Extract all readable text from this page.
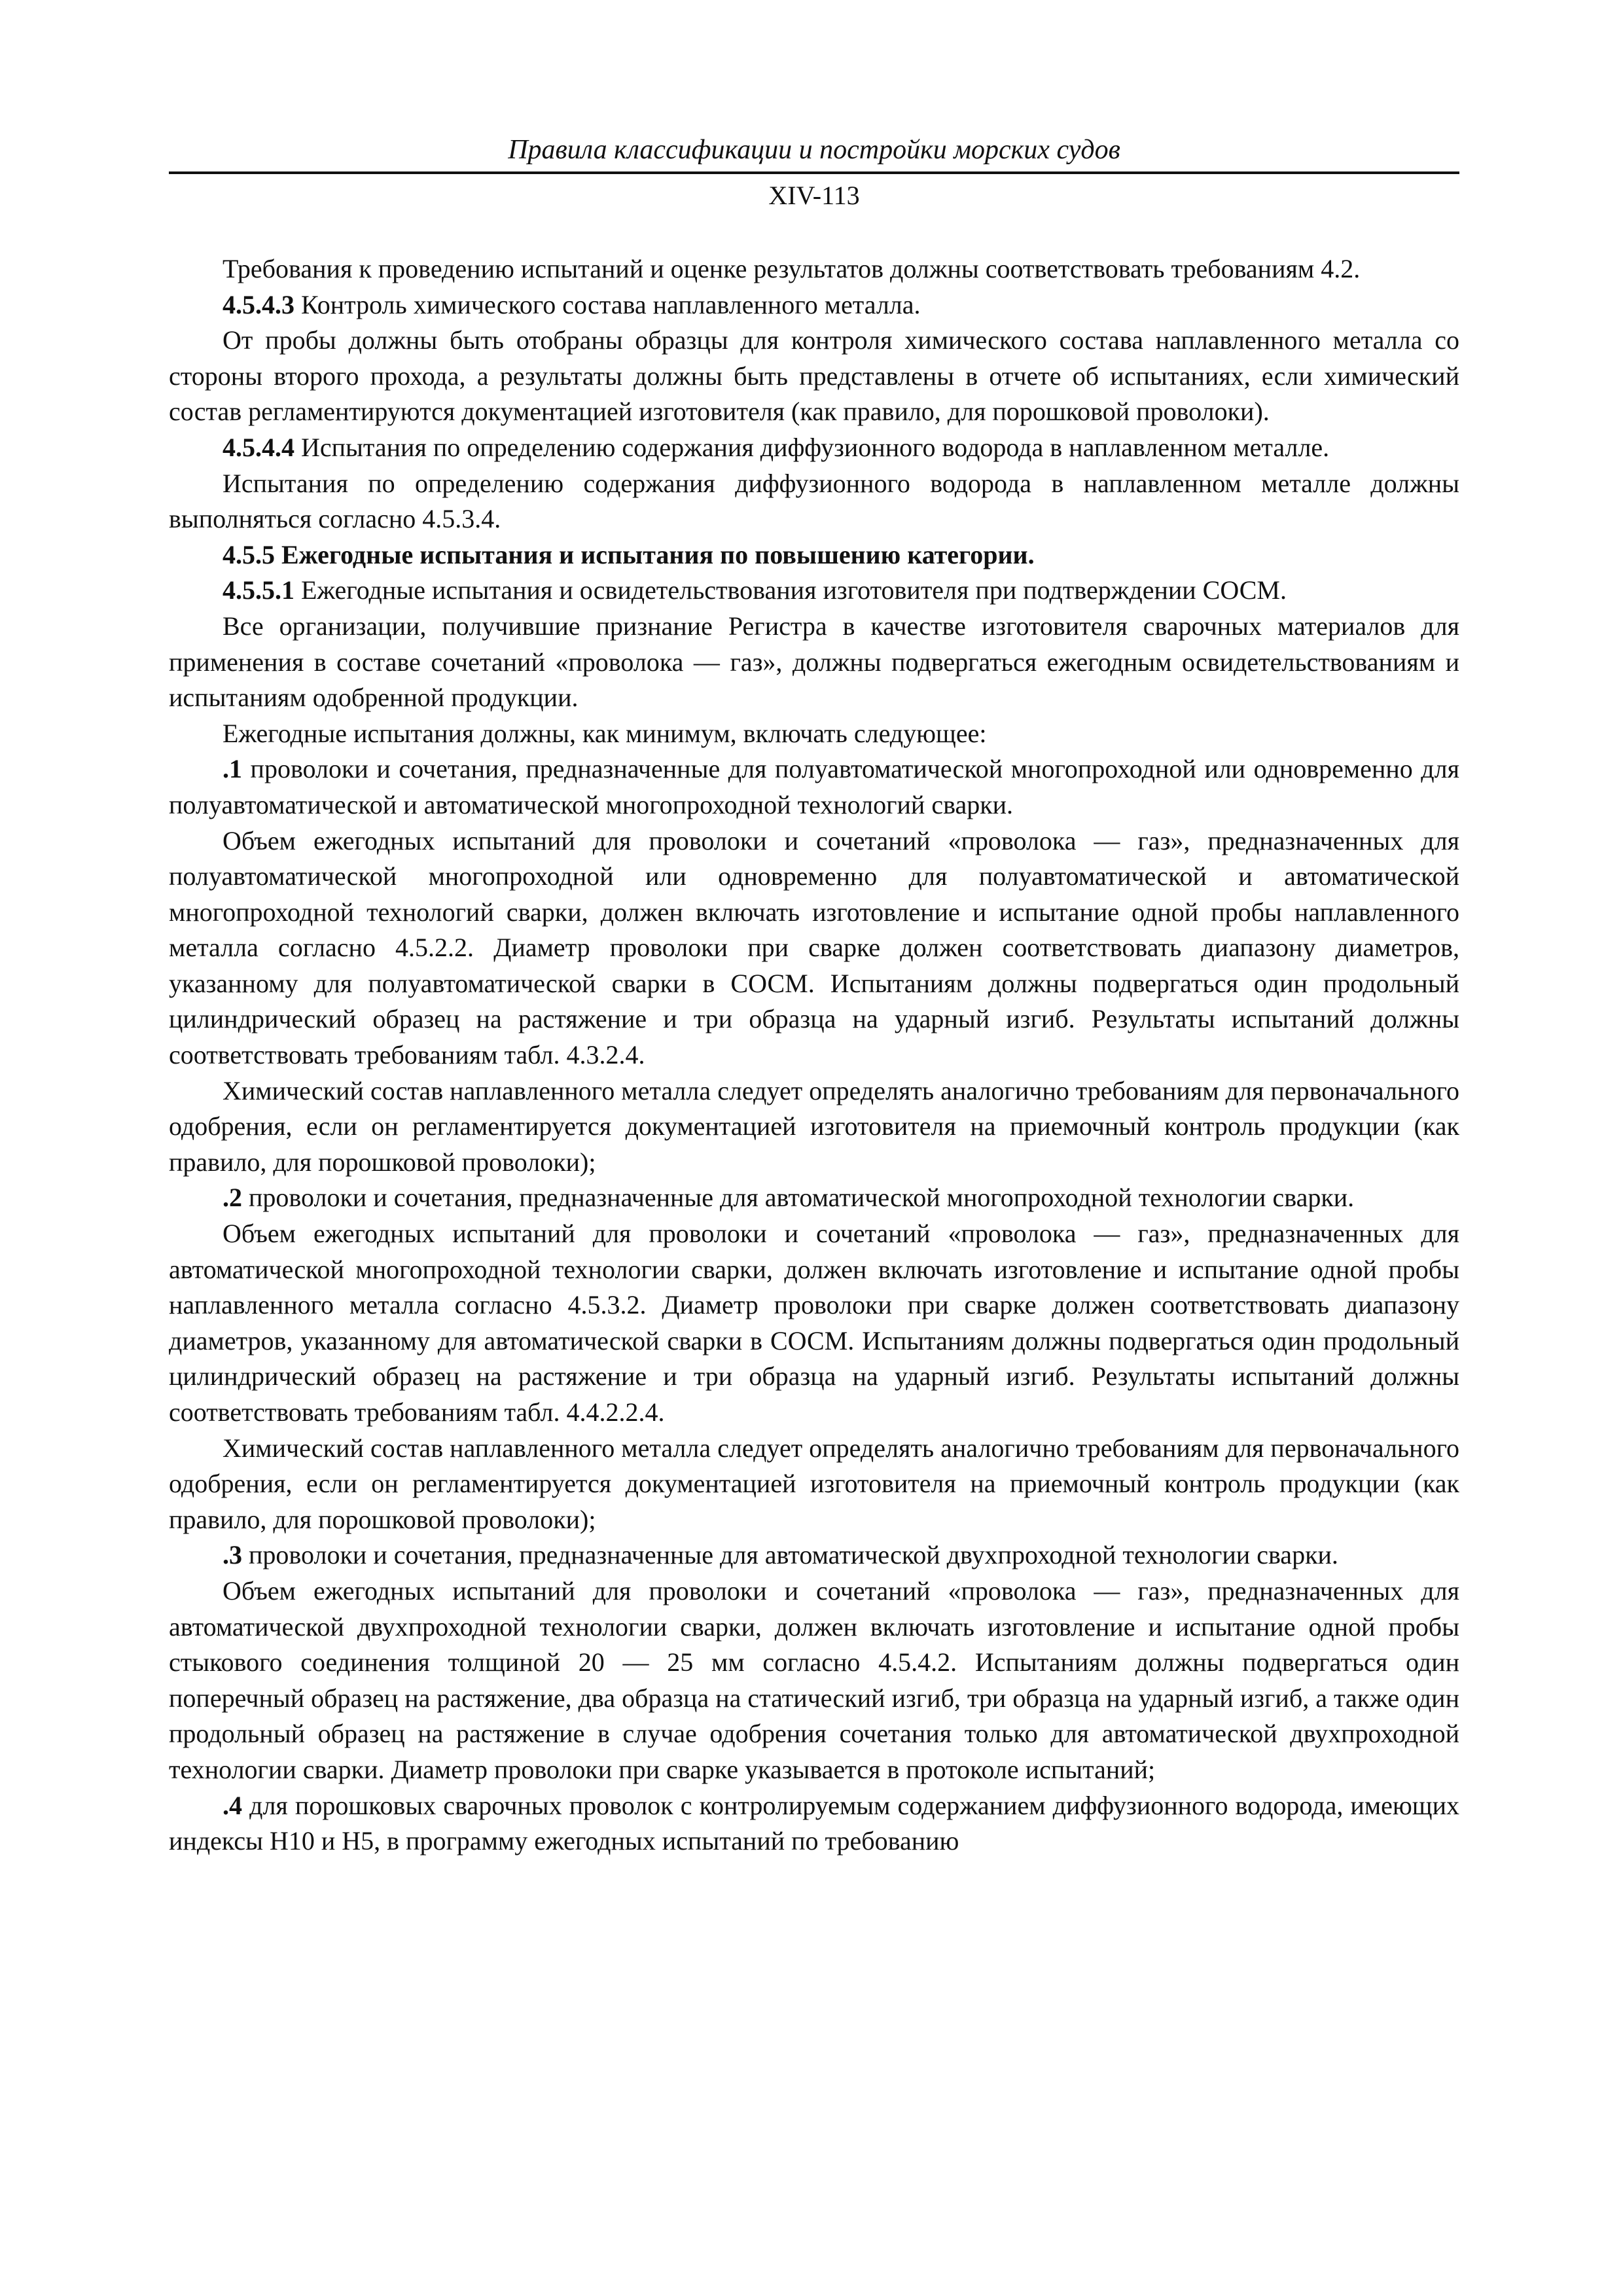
Правила классификации и постройки морских судов
XIV-113

Требования к проведению испытаний и оценке результатов должны соответствовать требованиям 4.2.

4.5.4.3 Контроль химического состава наплавленного металла.

От пробы должны быть отобраны образцы для контроля химического состава наплавленного металла со стороны второго прохода, а результаты должны быть представлены в отчете об испытаниях, если химический состав регламентируются документацией изготовителя (как правило, для порошковой проволоки).

4.5.4.4 Испытания по определению содержания диффузионного водорода в наплавленном металле.

Испытания по определению содержания диффузионного водорода в наплавленном металле должны выполняться согласно 4.5.3.4.

4.5.5 Ежегодные испытания и испытания по повышению категории.

4.5.5.1 Ежегодные испытания и освидетельствования изготовителя при подтверждении СОСМ.

Все организации, получившие признание Регистра в качестве изготовителя сварочных материалов для применения в составе сочетаний «проволока — газ», должны подвергаться ежегодным освидетельствованиям и испытаниям одобренной продукции.

Ежегодные испытания должны, как минимум, включать следующее:

.1 проволоки и сочетания, предназначенные для полуавтоматической многопроходной или одновременно для полуавтоматической и автоматической многопроходной технологий сварки.

Объем ежегодных испытаний для проволоки и сочетаний «проволока — газ», предназначенных для полуавтоматической многопроходной или одновременно для полуавтоматической и автоматической многопроходной технологий сварки, должен включать изготовление и испытание одной пробы наплавленного металла согласно 4.5.2.2. Диаметр проволоки при сварке должен соответствовать диапазону диаметров, указанному для полуавтоматической сварки в СОСМ. Испытаниям должны подвергаться один продольный цилиндрический образец на растяжение и три образца на ударный изгиб. Результаты испытаний должны соответствовать требованиям табл. 4.3.2.4.

Химический состав наплавленного металла следует определять аналогично требованиям для первоначального одобрения, если он регламентируется документацией изготовителя на приемочный контроль продукции (как правило, для порошковой проволоки);

.2 проволоки и сочетания, предназначенные для автоматической многопроходной технологии сварки.

Объем ежегодных испытаний для проволоки и сочетаний «проволока — газ», предназначенных для автоматической многопроходной технологии сварки, должен включать изготовление и испытание одной пробы наплавленного металла согласно 4.5.3.2. Диаметр проволоки при сварке должен соответствовать диапазону диаметров, указанному для автоматической сварки в СОСМ. Испытаниям должны подвергаться один продольный цилиндрический образец на растяжение и три образца на ударный изгиб. Результаты испытаний должны соответствовать требованиям табл. 4.4.2.2.4.

Химический состав наплавленного металла следует определять аналогично требованиям для первоначального одобрения, если он регламентируется документацией изготовителя на приемочный контроль продукции (как правило, для порошковой проволоки);

.3 проволоки и сочетания, предназначенные для автоматической двухпроходной технологии сварки.

Объем ежегодных испытаний для проволоки и сочетаний «проволока — газ», предназначенных для автоматической двухпроходной технологии сварки, должен включать изготовление и испытание одной пробы стыкового соединения толщиной 20 — 25 мм согласно 4.5.4.2. Испытаниям должны подвергаться один поперечный образец на растяжение, два образца на статический изгиб, три образца на ударный изгиб, а также один продольный образец на растяжение в случае одобрения сочетания только для автоматической двухпроходной технологии сварки. Диаметр проволоки при сварке указывается в протоколе испытаний;

.4 для порошковых сварочных проволок с контролируемым содержанием диффузионного водорода, имеющих индексы H10 и H5, в программу ежегодных испытаний по требованию
